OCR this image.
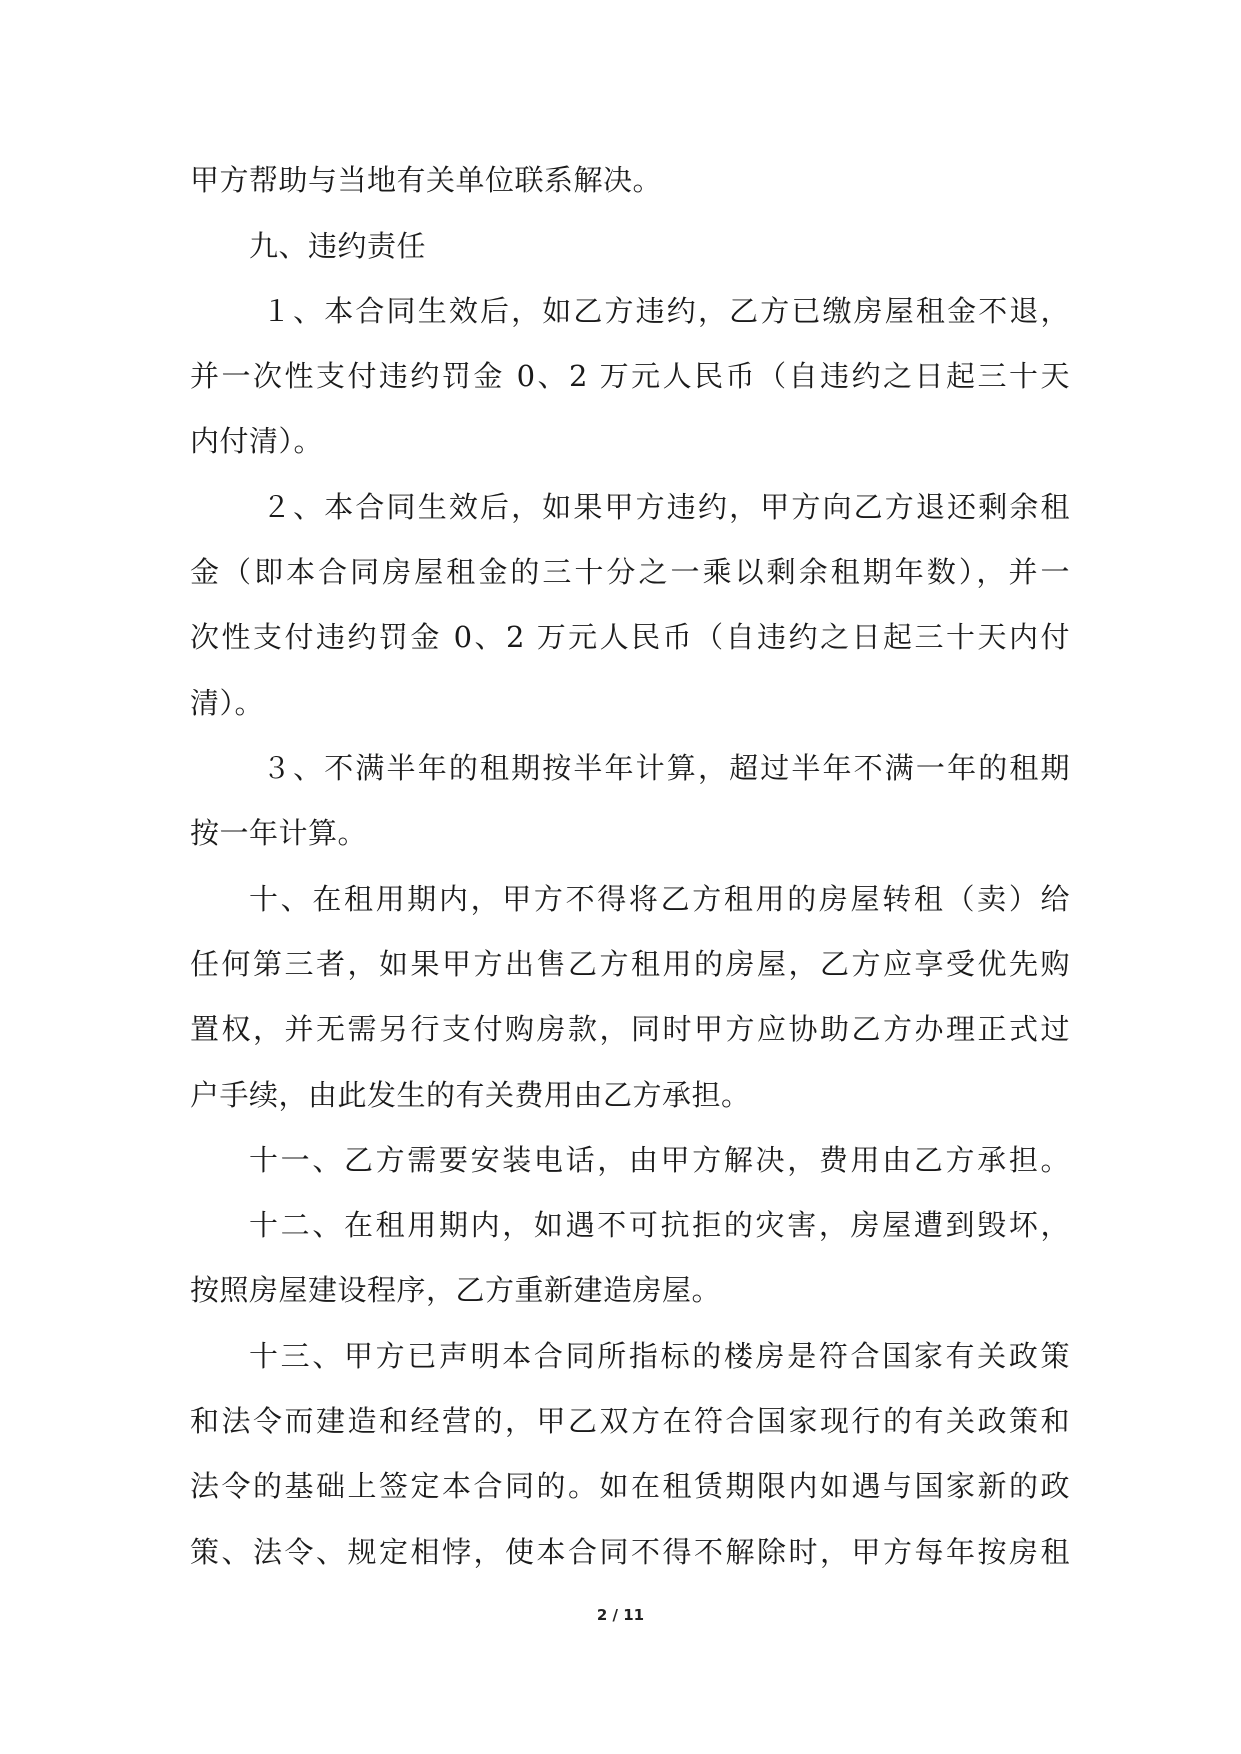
甲方帮助与当地有关单位联系解决。
九、违约责任
１、本合同生效后，如乙方违约，乙方已缴房屋租金不退，
并一次性支付违约罚金 0、2 万元人民币（自违约之日起三十天
内付清）。
２、本合同生效后，如果甲方违约，甲方向乙方退还剩余租
金（即本合同房屋租金的三十分之一乘以剩余租期年数），并一
次性支付违约罚金 0、2 万元人民币（自违约之日起三十天内付
清）。
３、不满半年的租期按半年计算，超过半年不满一年的租期
按一年计算。
十、在租用期内，甲方不得将乙方租用的房屋转租（卖）给
任何第三者，如果甲方出售乙方租用的房屋，乙方应享受优先购
置权，并无需另行支付购房款，同时甲方应协助乙方办理正式过
户手续，由此发生的有关费用由乙方承担。
十一、乙方需要安装电话，由甲方解决，费用由乙方承担。
十二、在租用期内，如遇不可抗拒的灾害，房屋遭到毁坏，
按照房屋建设程序，乙方重新建造房屋。
十三、甲方已声明本合同所指标的楼房是符合国家有关政策
和法令而建造和经营的，甲乙双方在符合国家现行的有关政策和
法令的基础上签定本合同的。如在租赁期限内如遇与国家新的政
策、法令、规定相悖，使本合同不得不解除时，甲方每年按房租
2 / 11
